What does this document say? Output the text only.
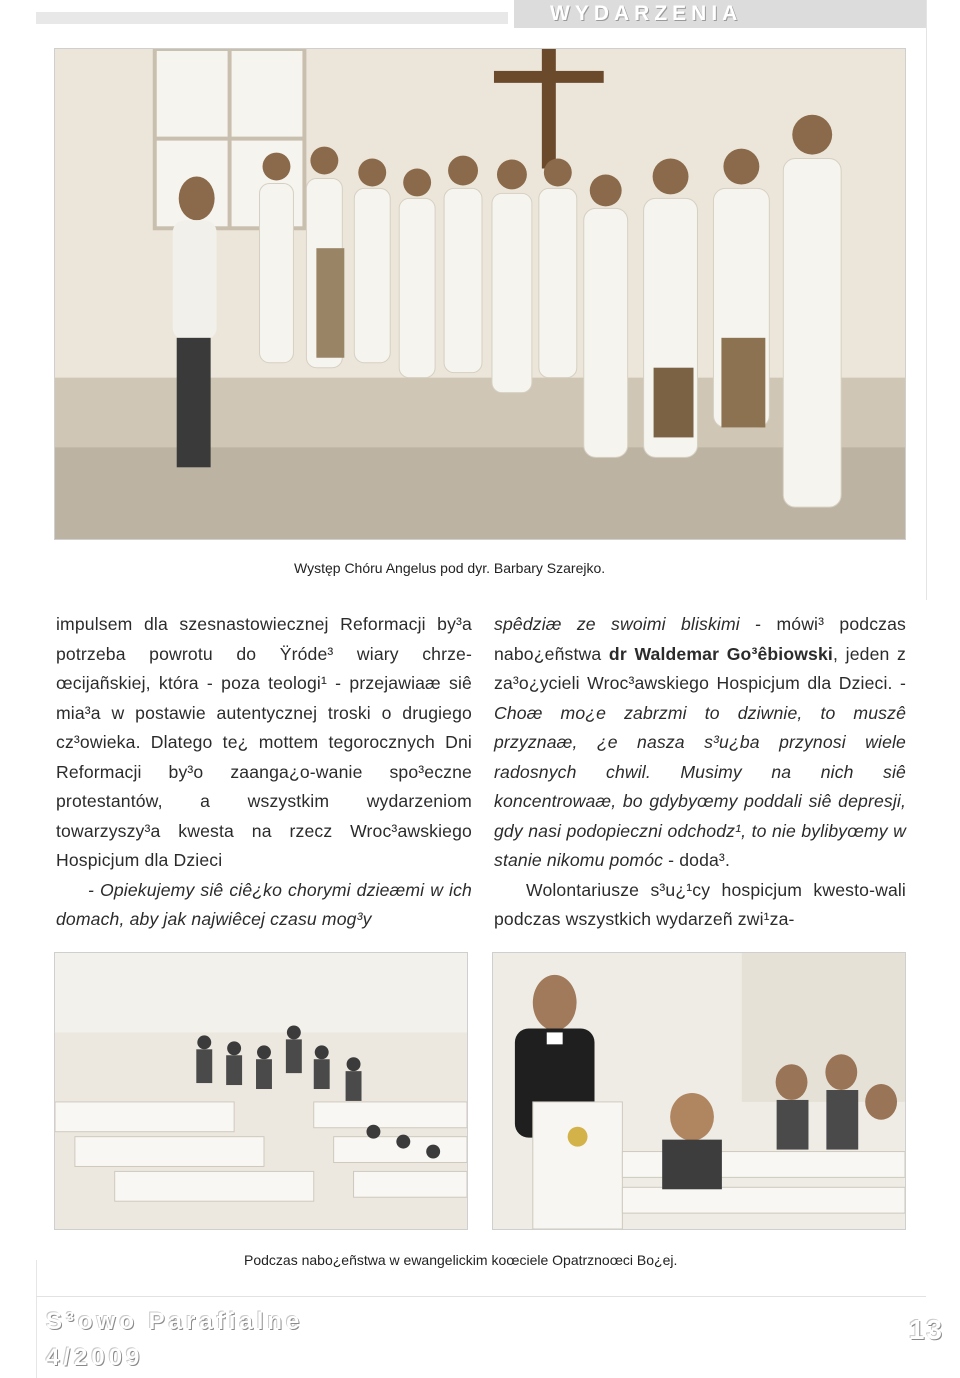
WYDARZENIA
Występ Chóru Angelus pod dyr. Barbary Szarejko.

impulsem dla szesnastowiecznej Reformacji by³a potrzeba powrotu do Ÿróde³ wiary chrze-œcijañskiej, która - poza teologi¹ - przejawiaæ siê mia³a w postawie autentycznej troski o drugiego cz³owieka. Dlatego te¿ mottem tegorocznych Dni Reformacji by³o zaanga¿o-wanie spo³eczne protestantów, a wszystkim wydarzeniom towarzyszy³a kwesta na rzecz Wroc³awskiego Hospicjum dla Dzieci

- Opiekujemy siê ciê¿ko chorymi dzieæmi w ich domach, aby jak najwiêcej czasu mog³y

spêdziæ ze swoimi bliskimi - mówi³ podczas nabo¿eñstwa dr Waldemar Go³êbiowski, jeden z za³o¿ycieli Wroc³awskiego Hospicjum dla Dzieci. - Choæ mo¿e zabrzmi to dziwnie, to muszê przyznaæ, ¿e nasza s³u¿ba przynosi wiele radosnych chwil. Musimy na nich siê koncentrowaæ, bo gdybyœmy poddali siê depresji, gdy nasi podopieczni odchodz¹, to nie bylibyœmy w stanie nikomu pomóc - doda³.

Wolontariusze s³u¿¹cy hospicjum kwesto-wali podczas wszystkich wydarzeñ zwi¹za-

Podczas nabo¿eñstwa w ewangelickim koœciele Opatrznoœci Bo¿ej.
S³owo Parafialne
4/2009
13
